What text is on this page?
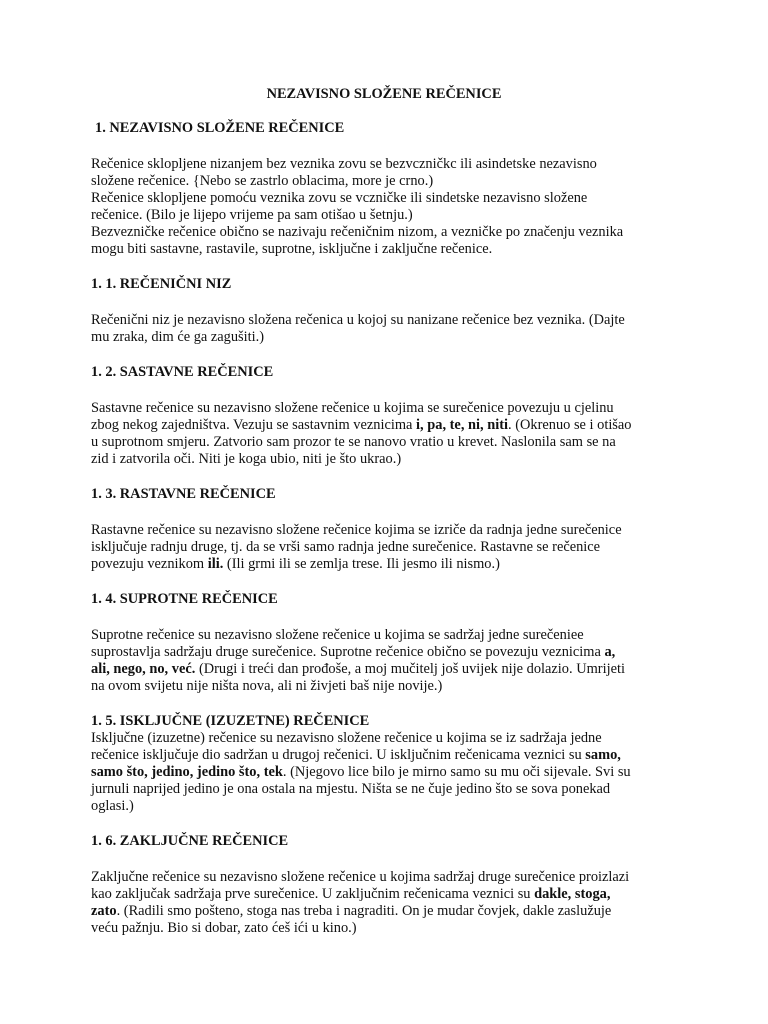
NEZAVISNO SLOŽENE REČENICE
1. NEZAVISNO SLOŽENE REČENICE

Rečenice sklopljene nizanjem bez veznika zovu se bezvczničkc ili asindetske nezavisno

složene rečenice. {Nebo se zastrlo oblacima, more je crno.)

Rečenice sklopljene pomoću veznika zovu se vczničke ili sindetske nezavisno složene

rečenice. (Bilo je lijepo vrijeme pa sam otišao u šetnju.)

Bezvezničke rečenice obično se nazivaju rečeničnim nizom, a vezničke po značenju veznika

mogu biti sastavne, rastavile, suprotne, isključne i zaključne rečenice.

1. 1. REČENIČNI NIZ

Rečenični niz je nezavisno složena rečenica u kojoj su nanizane rečenice bez veznika. (Dajte

mu zraka, dim će ga zagušiti.)

1. 2. SASTAVNE REČENICE

Sastavne rečenice su nezavisno složene rečenice u kojima se surečenice povezuju u cjelinu

zbog nekog zajedništva. Vezuju se sastavnim veznicima i, pa, te, ni, niti. (Okrenuo se i otišao

u suprotnom smjeru. Zatvorio sam prozor te se nanovo vratio u krevet. Naslonila sam se na

zid i zatvorila oči. Niti je koga ubio, niti je što ukrao.)

1. 3. RASTAVNE REČENICE

Rastavne rečenice su nezavisno složene rečenice kojima se izriče da radnja jedne surečenice

isključuje radnju druge, tj. da se vrši samo radnja jedne surečenice. Rastavne se rečenice

povezuju veznikom ili. (Ili grmi ili se zemlja trese. Ili jesmo ili nismo.)

1. 4. SUPROTNE REČENICE

Suprotne rečenice su nezavisno složene rečenice u kojima se sadržaj jedne surečeniee

suprostavlja sadržaju druge surečenice. Suprotne rečenice obično se povezuju veznicima a,

ali, nego, no, već. (Drugi i treći dan prođoše, a moj mučitelj još uvijek nije dolazio. Umrijeti

na ovom svijetu nije ništa nova, ali ni živjeti baš nije novije.)

1. 5. ISKLJUČNE (IZUZETNE) REČENICE

Isključne (izuzetne) rečenice su nezavisno složene rečenice u kojima se iz sadržaja jedne

rečenice isključuje dio sadržan u drugoj rečenici. U isključnim rečenicama veznici su samo,

samo što, jedino, jedino što, tek. (Njegovo lice bilo je mirno samo su mu oči sijevale. Svi su

jurnuli naprijed jedino je ona ostala na mjestu. Ništa se ne čuje jedino što se sova ponekad

oglasi.)

1. 6. ZAKLJUČNE REČENICE

Zaključne rečenice su nezavisno složene rečenice u kojima sadržaj druge surečenice proizlazi

kao zaključak sadržaja prve surečenice. U zaključnim rečenicama veznici su dakle, stoga,

zato. (Radili smo pošteno, stoga nas treba i nagraditi. On je mudar čovjek, dakle zaslužuje

veću pažnju. Bio si dobar, zato ćeš ići u kino.)
